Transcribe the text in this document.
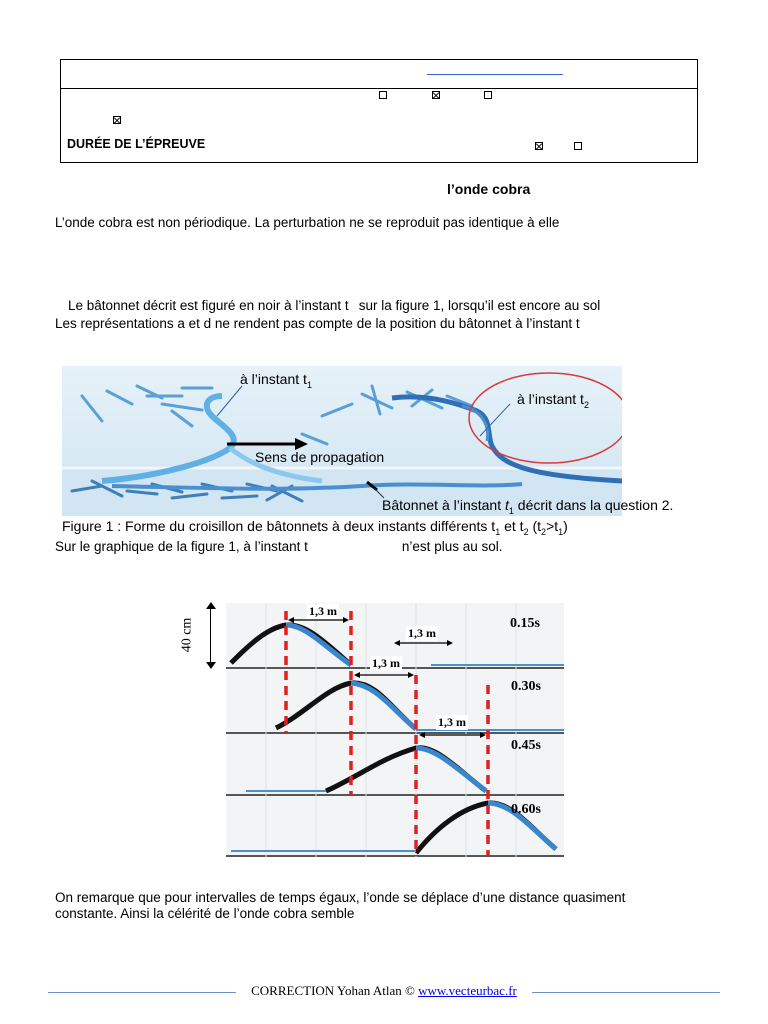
DURÉE DE L’ÉPREUVE
l’onde cobra
L’onde cobra est non périodique. La perturbation ne se reproduit pas identique à elle
Le bâtonnet décrit est figuré en noir à l’instant t sur la figure 1, lorsqu’il est encore au sol
Les représentations a et d ne rendent pas compte de la position du bâtonnet à l’instant t
à l’instant $t_1$
à l’instant $t_2$
Sens de propagation
Bâtonnet à l’instant $t_1$ décrit dans la question 2.
Figure 1 : Forme du croisillon de bâtonnets à deux instants différents $t_1$ et $t_2$ $(t_2>t_1)$
Sur le graphique de la figure 1, à l’instant t	n’est plus au sol.
40 cm
1,3 m
1,3 m
1,3 m
1,3 m
0.15s
0.30s
0.45s
0.60s
On remarque que pour intervalles de temps égaux, l’onde se déplace d’une distance quasiment
constante. Ainsi la célérité de l’onde cobra semble
CORRECTION Yohan Atlan © www.vecteurbac.fr
